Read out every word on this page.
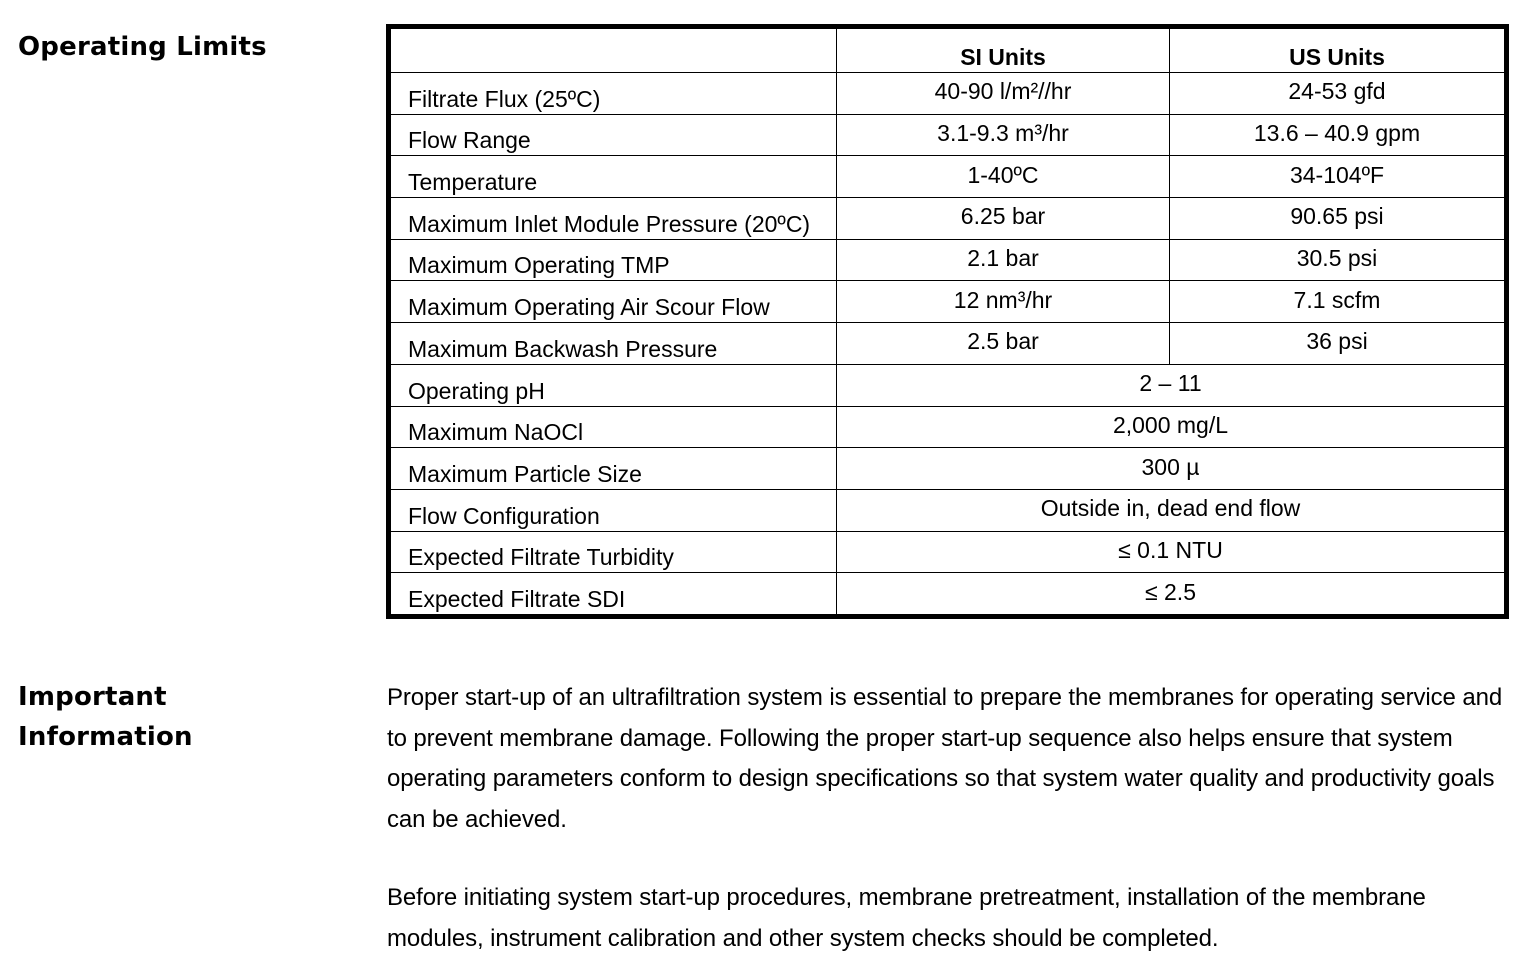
Operating Limits
		SI Units	US Units
Filtrate Flux (25ºC)	40-90 l/m²//hr	24-53 gfd
Flow Range	3.1-9.3 m³/hr	13.6 – 40.9 gpm
Temperature	1-40ºC	34-104ºF
Maximum Inlet Module Pressure (20ºC)	6.25 bar	90.65 psi
Maximum Operating TMP	2.1 bar	30.5 psi
Maximum Operating Air Scour Flow	12 nm³/hr	7.1 scfm
Maximum Backwash Pressure	2.5 bar	36 psi
Operating pH	2 – 11	
Maximum NaOCl	2,000 mg/L	
Maximum Particle Size	300 µ	
Flow Configuration	Outside in, dead end flow	
Expected Filtrate Turbidity	≤ 0.1 NTU	
Expected Filtrate SDI	≤ 2.5	
Important
Information

Proper start-up of an ultrafiltration system is essential to prepare the membranes for operating service and to prevent membrane damage. Following the proper start-up sequence also helps ensure that system operating parameters conform to design specifications so that system water quality and productivity goals can be achieved.

Before initiating system start-up procedures, membrane pretreatment, installation of the membrane modules, instrument calibration and other system checks should be completed.
